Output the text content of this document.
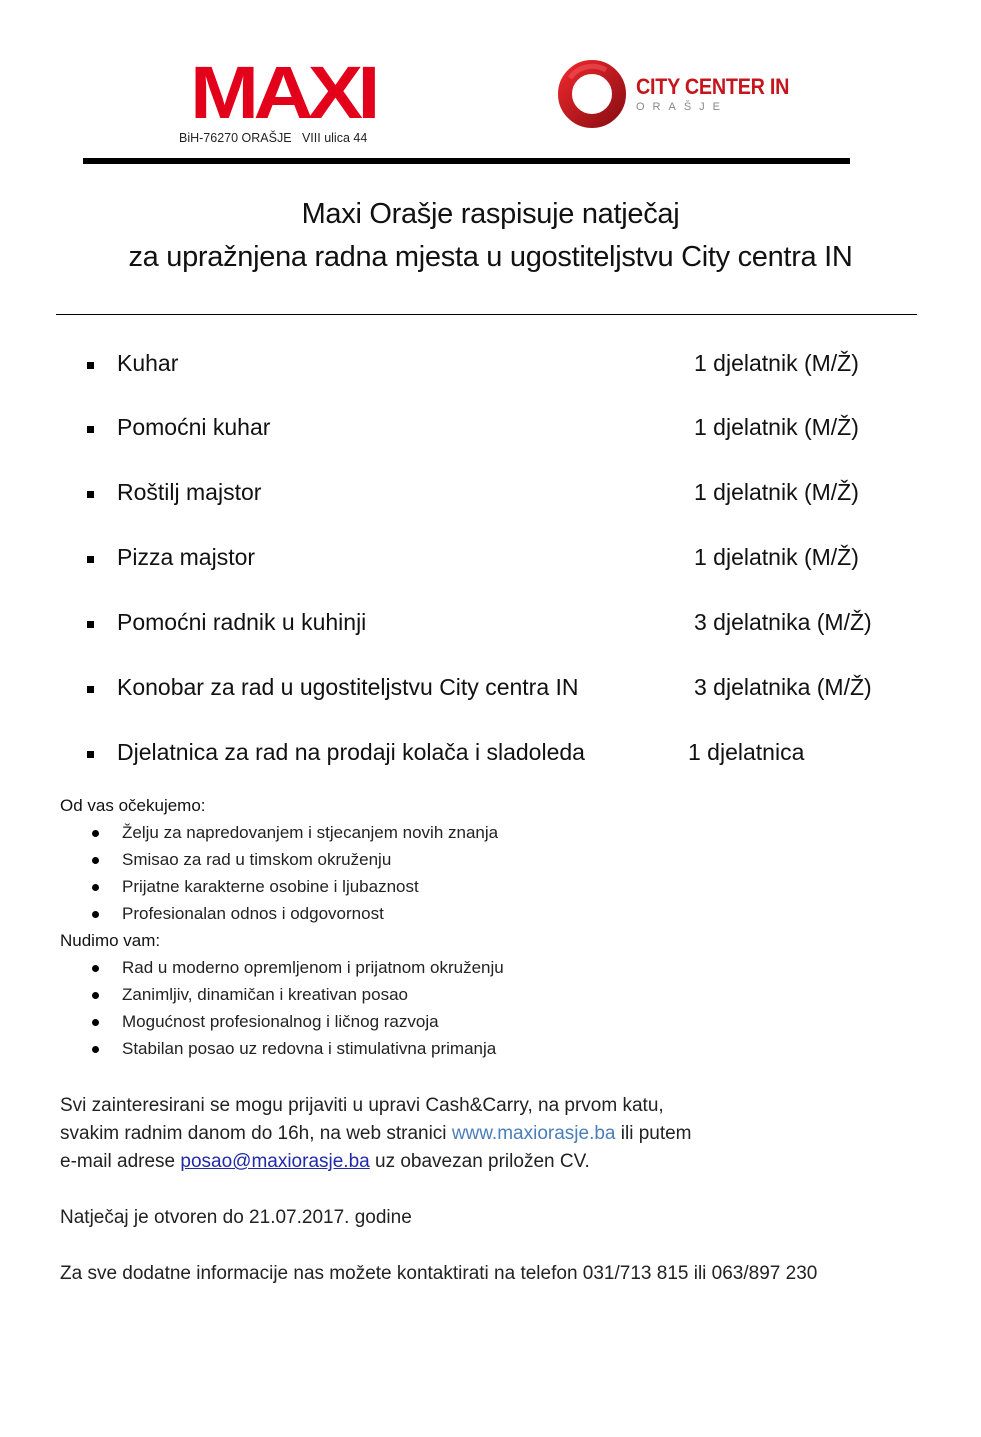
MAXI
BiH-76270 ORAŠJE   VIII ulica 44
CITY CENTER IN
ORAŠJE
Maxi Orašje raspisuje natječaj
za upražnjena radna mjesta u ugostiteljstvu City centra IN
Kuhar	1 djelatnik (M/Ž)
Pomoćni kuhar	1 djelatnik (M/Ž)
Roštilj majstor	1 djelatnik (M/Ž)
Pizza majstor	1 djelatnik (M/Ž)
Pomoćni radnik u kuhinji	3 djelatnika (M/Ž)
Konobar za rad u ugostiteljstvu City centra IN	3 djelatnika (M/Ž)
Djelatnica za rad na prodaji kolača i sladoleda	1 djelatnica
Od vas očekujemo:
Želju za napredovanjem i stjecanjem novih znanja
Smisao za rad u timskom okruženju
Prijatne karakterne osobine i ljubaznost
Profesionalan odnos i odgovornost
Nudimo vam:
Rad u moderno opremljenom i prijatnom okruženju
Zanimljiv, dinamičan i kreativan posao
Mogućnost profesionalnog i ličnog razvoja
Stabilan posao uz redovna i stimulativna primanja
Svi zainteresirani se mogu prijaviti u upravi Cash&Carry, na prvom katu,
svakim radnim danom do 16h, na web stranici www.maxiorasje.ba ili putem
e-mail adrese posao@maxiorasje.ba uz obavezan priložen CV.
Natječaj je otvoren do 21.07.2017. godine
Za sve dodatne informacije nas možete kontaktirati na telefon 031/713 815 ili 063/897 230
